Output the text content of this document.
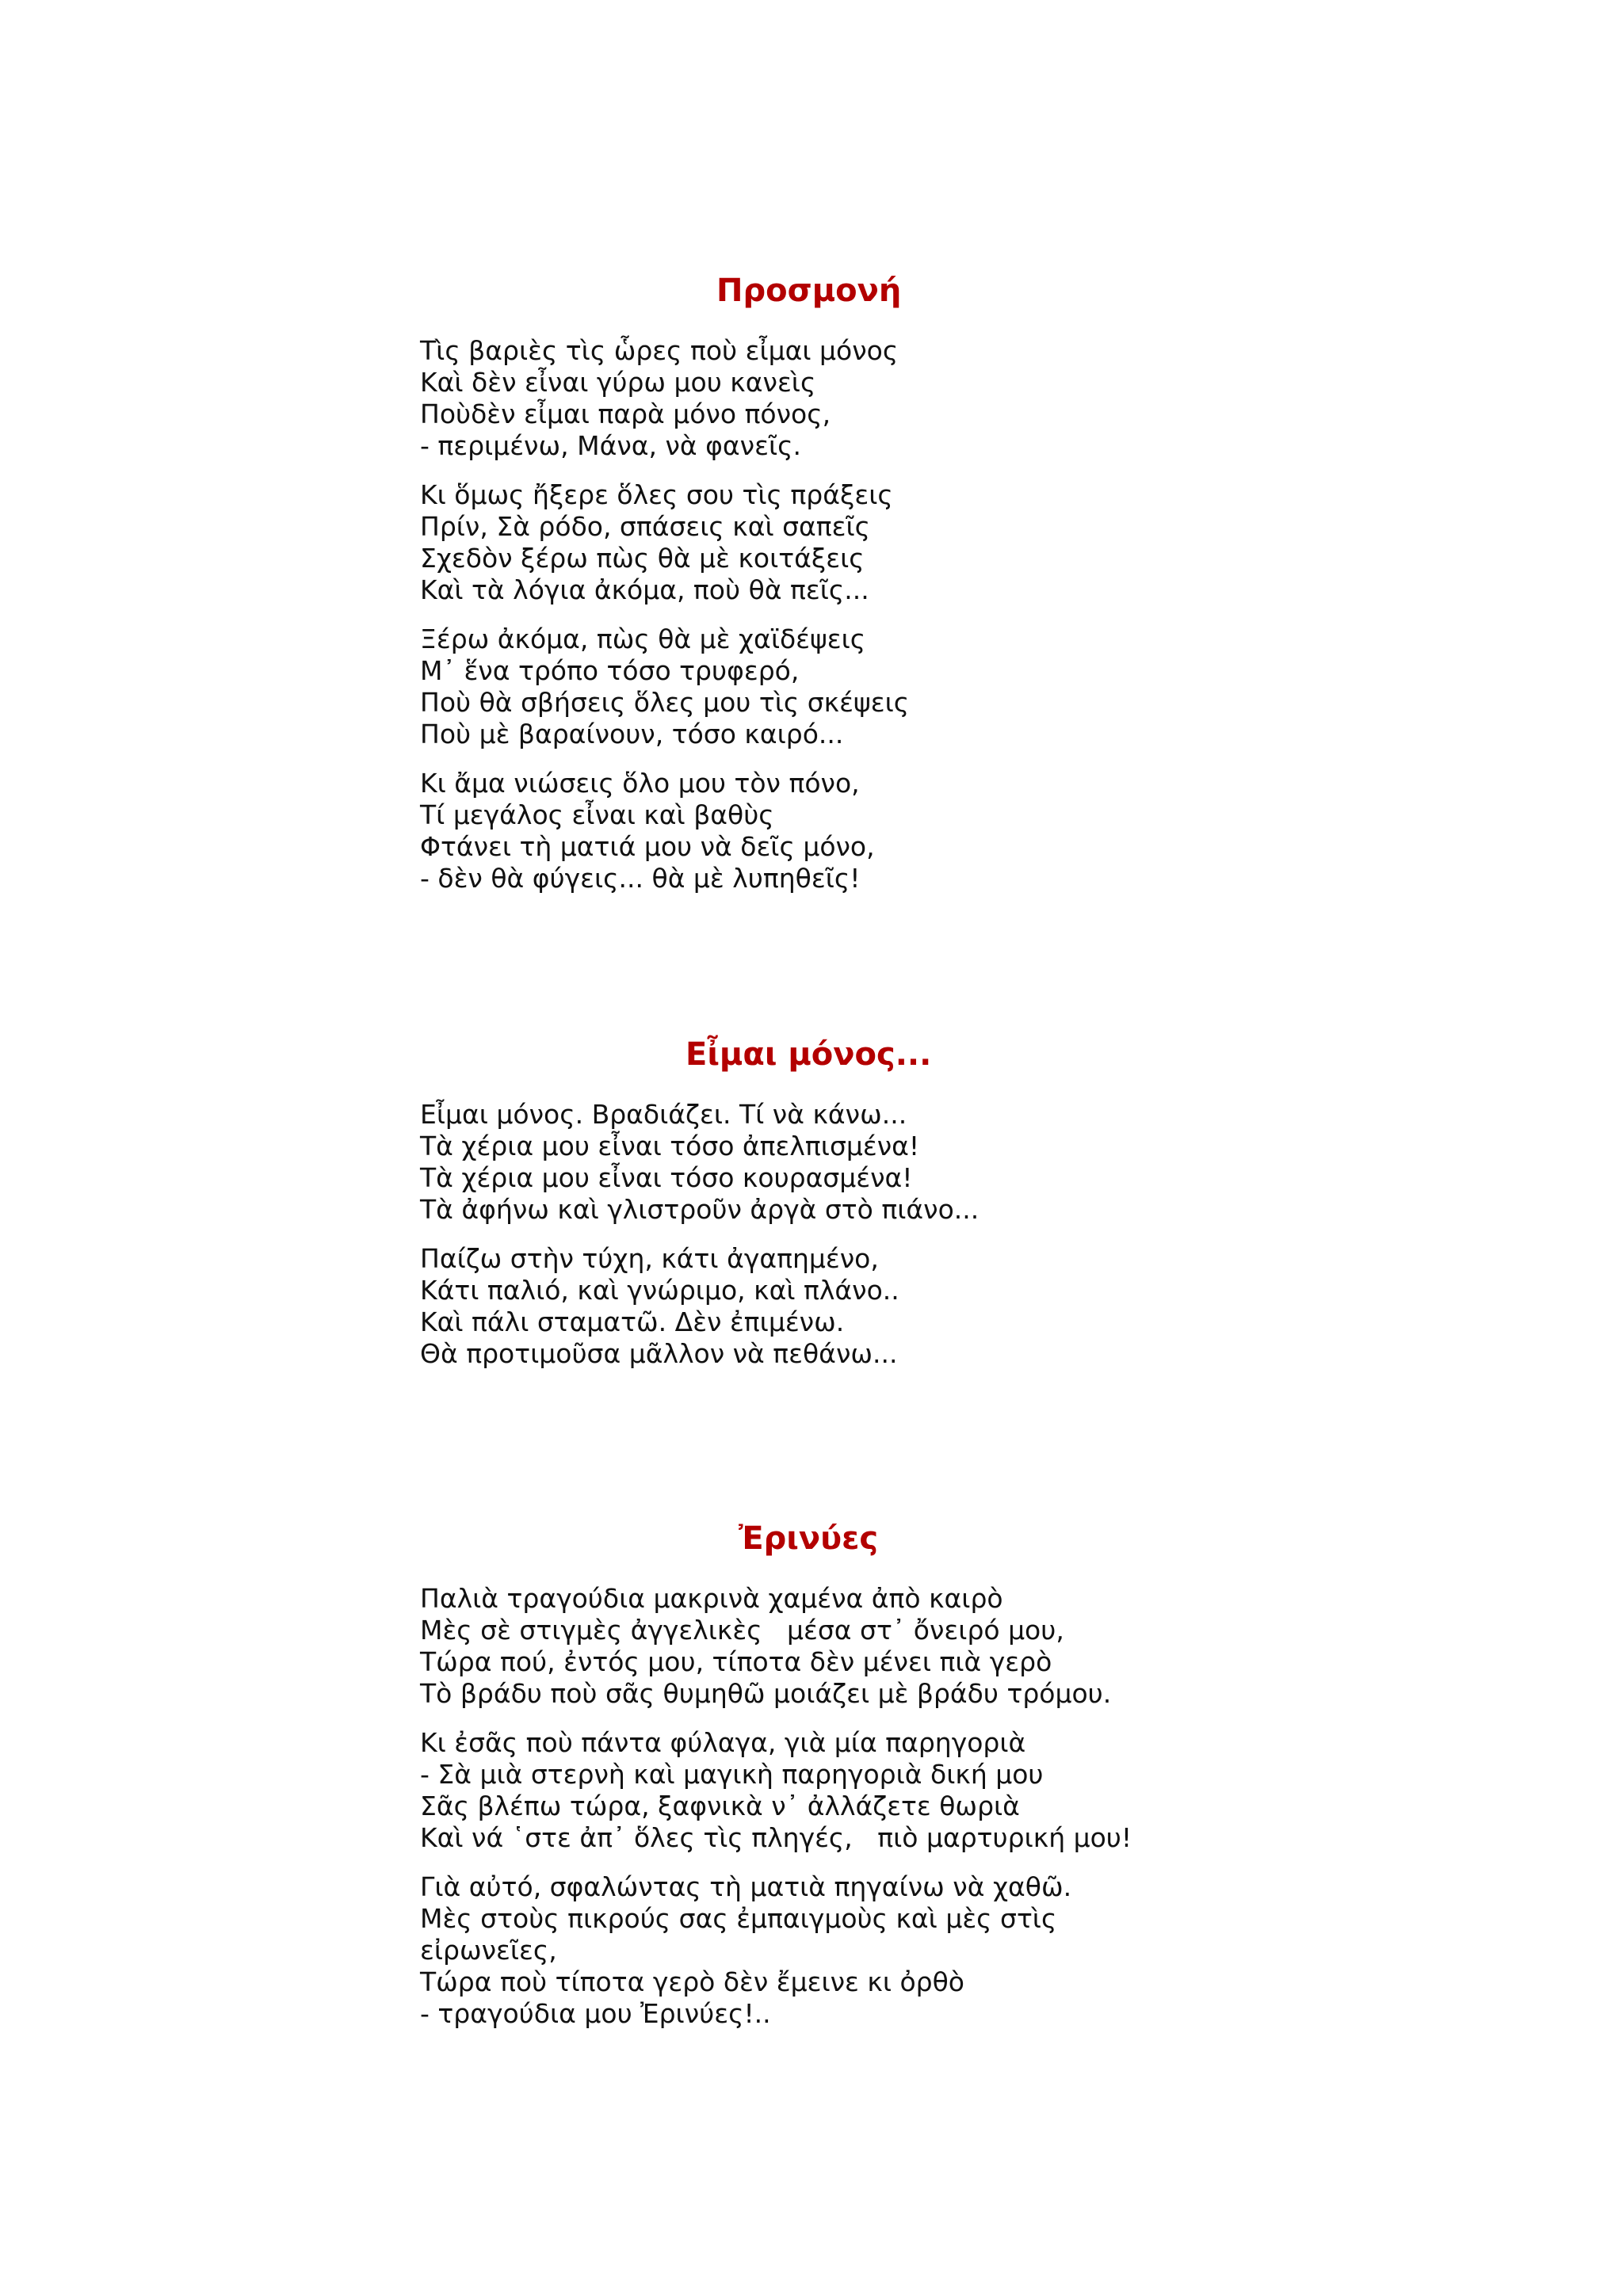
Προσμονή

Τὶς βαριὲς τὶς ὧρες ποὺ εἶμαι μόνος

Καὶ δὲν εἶναι γύρω μου κανεὶς

Ποὺδὲν εἶμαι παρὰ μόνο πόνος,

- περιμένω, Μάνα, νὰ φανεῖς.

Κι ὅμως ἤξερε ὅλες σου τὶς πράξεις

Πρίν, Σὰ ρόδο, σπάσεις καὶ σαπεῖς

Σχεδὸν ξέρω πὼς θὰ μὲ κοιτάξεις

Καὶ τὰ λόγια ἀκόμα, ποὺ θὰ πεῖς...

Ξέρω ἀκόμα, πὼς θὰ μὲ χαϊδέψεις

Μ᾽ ἕνα τρόπο τόσο τρυφερό,

Ποὺ θὰ σβήσεις ὅλες μου τὶς σκέψεις

Ποὺ μὲ βαραίνουν, τόσο καιρό...

Κι ἄμα νιώσεις ὅλο μου τὸν πόνο,

Τί μεγάλος εἶναι καὶ βαθὺς

Φτάνει τὴ ματιά μου νὰ δεῖς μόνο,

- δὲν θὰ φύγεις... θὰ μὲ λυπηθεῖς!

Εἶμαι μόνος...

Εἶμαι μόνος. Βραδιάζει. Τί νὰ κάνω...

Τὰ χέρια μου εἶναι τόσο ἀπελπισμένα!

Τὰ χέρια μου εἶναι τόσο κουρασμένα!

Τὰ ἀφήνω καὶ γλιστροῦν ἀργὰ στὸ πιάνο...

Παίζω στὴν τύχη, κάτι ἀγαπημένο,

Κάτι παλιό, καὶ γνώριμο, καὶ πλάνο..

Καὶ πάλι σταματῶ. Δὲν ἐπιμένω.

Θὰ προτιμοῦσα μᾶλλον νὰ πεθάνω...

Ἐρινύες

Παλιὰ τραγούδια μακρινὰ χαμένα ἀπὸ καιρὸ

Μὲς σὲ στιγμὲς ἀγγελικὲς   μέσα στ᾽ ὄνειρό μου,

Τώρα πού, ἐντός μου, τίποτα δὲν μένει πιὰ γερὸ

Τὸ βράδυ ποὺ σᾶς θυμηθῶ μοιάζει μὲ βράδυ τρόμου.

Κι ἐσᾶς ποὺ πάντα φύλαγα, γιὰ μία παρηγοριὰ

- Σὰ μιὰ στερνὴ καὶ μαγικὴ παρηγοριὰ δική μου

Σᾶς βλέπω τώρα, ξαφνικὰ ν᾽ ἀλλάζετε θωριὰ

Καὶ νά ῾στε ἀπ᾽ ὅλες τὶς πληγές,   πιὸ μαρτυρική μου!

Γιὰ αὐτό, σφαλώντας τὴ ματιὰ πηγαίνω νὰ χαθῶ.

Μὲς στοὺς πικρούς σας ἐμπαιγμοὺς καὶ μὲς στὶς

εἰρωνεῖες,

Τώρα ποὺ τίποτα γερὸ δὲν ἔμεινε κι ὀρθὸ

- τραγούδια μου Ἐρινύες!..
